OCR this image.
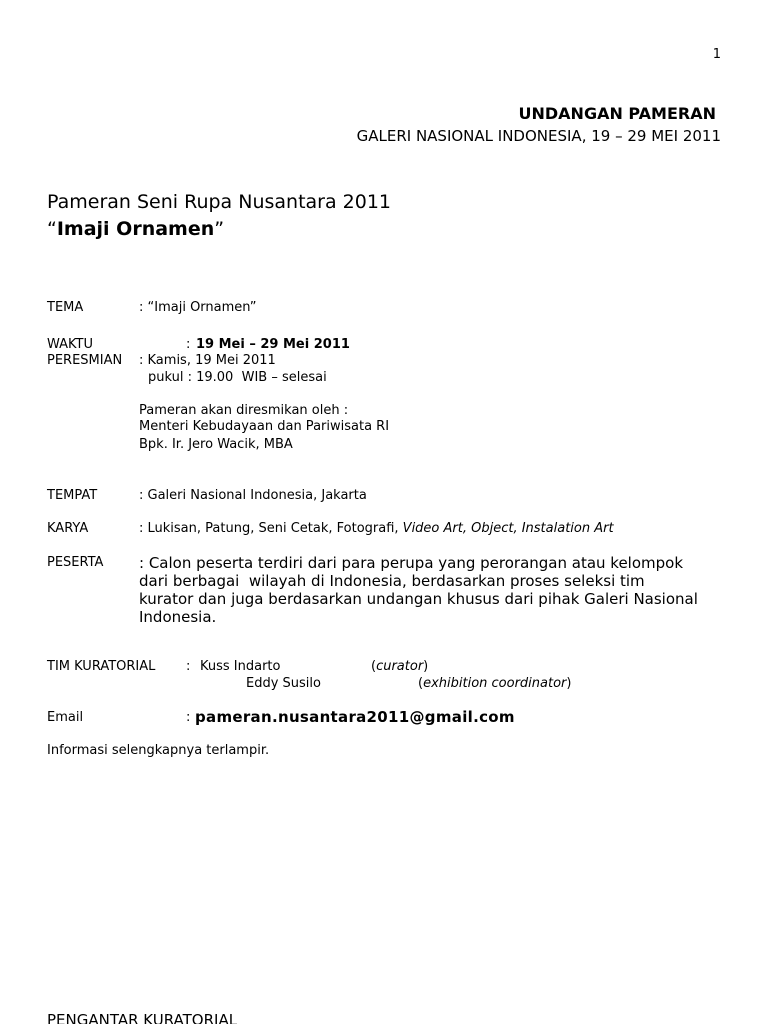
1
UNDANGAN PAMERAN
GALERI NASIONAL INDONESIA, 19 – 29 MEI 2011
Pameran Seni Rupa Nusantara 2011
“Imaji Ornamen”
TEMA	: “Imaji Ornamen”
WAKTU	: 19 Mei – 29 Mei 2011
PERESMIAN : Kamis, 19 Mei 2011
pukul : 19.00  WIB – selesai
Pameran akan diresmikan oleh :
Menteri Kebudayaan dan Pariwisata RI
Bpk. Ir. Jero Wacik, MBA
TEMPAT	: Galeri Nasional Indonesia, Jakarta
KARYA	: Lukisan, Patung, Seni Cetak, Fotografi, Video Art, Object, Instalation Art
PESERTA : Calon peserta terdiri dari para perupa yang perorangan atau kelompok
dari berbagai  wilayah di Indonesia, berdasarkan proses seleksi tim
kurator dan juga berdasarkan undangan khusus dari pihak Galeri Nasional
Indonesia.
TIM KURATORIAL : Kuss Indarto	(curator)
Eddy Susilo	(exhibition coordinator)
Email	: pameran.nusantara2011@gmail.com
Informasi selengkapnya terlampir.
PENGANTAR KURATORIAL
